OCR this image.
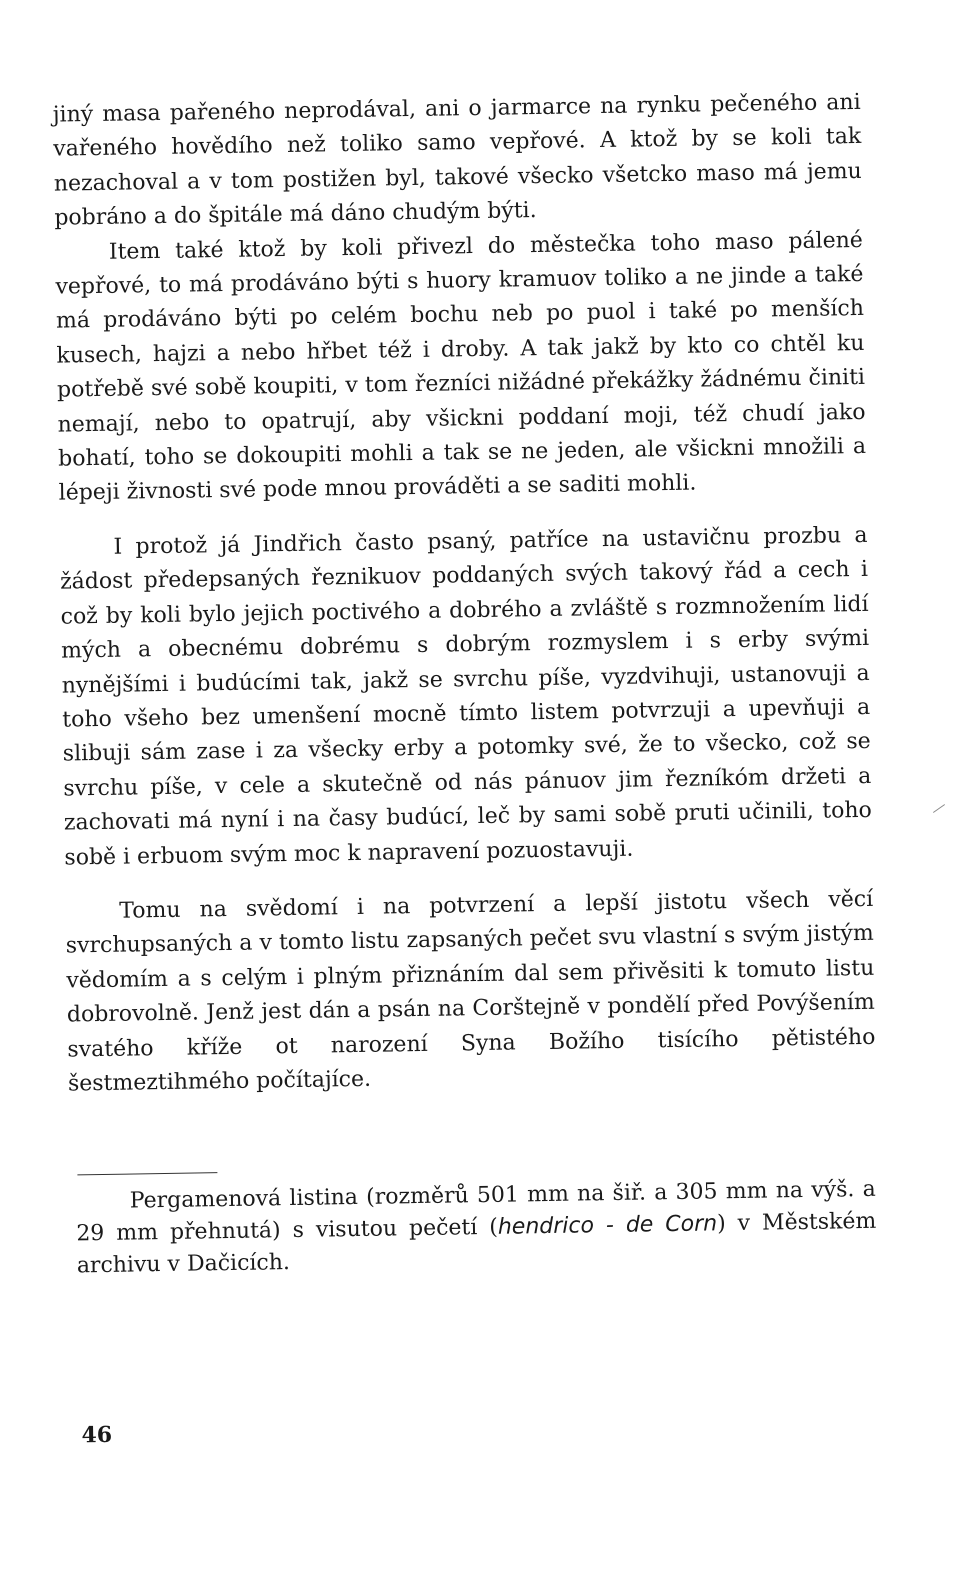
jiný masa pařeného neprodával, ani o jarmarce na rynku pečeného ani vařeného hovědího než toliko samo vepřové. A ktož by se koli tak nezachoval a v tom postižen byl, takové všecko všetcko maso má jemu pobráno a do špitále má dáno chudým býti.

Item také ktož by koli přivezl do městečka toho maso pálené vepřové, to má prodáváno býti s huory kramuov toliko a ne jinde a také má prodáváno býti po celém bochu neb po puol i také po menších kusech, hajzi a nebo hřbet též i droby. A tak jakž by kto co chtěl ku potřebě své sobě koupiti, v tom řezníci nižádné překážky žádnému činiti nemají, nebo to opatrují, aby všickni poddaní moji, též chudí jako bohatí, toho se dokoupiti mohli a tak se ne jeden, ale všickni množili a lépeji živnosti své pode mnou prováděti a se saditi mohli.

I protož já Jindřich často psaný, patříce na ustavičnu prozbu a žádost předepsaných řeznikuov poddaných svých takový řád a cech i což by koli bylo jejich poctivého a dobrého a zvláště s rozmnožením lidí mých a obecnému dobrému s dobrým rozmyslem i s erby svými nynějšími i budúcími tak, jakž se svrchu píše, vyzdvihuji, ustanovuji a toho všeho bez umenšení mocně tímto listem potvrzuji a upevňuji a slibuji sám zase i za všecky erby a potomky své, že to všecko, což se svrchu píše, v cele a skutečně od nás pánuov jim řezníkóm držeti a zachovati má nyní i na časy budúcí, leč by sami sobě pruti učinili, toho sobě i erbuom svým moc k napravení pozuostavuji.

Tomu na svědomí i na potvrzení a lepší jistotu všech věcí svrchupsaných a v tomto listu zapsaných pečet svu vlastní s svým jistým vědomím a s celým i plným přiznáním dal sem přivěsiti k tomuto listu dobrovolně. Jenž jest dán a psán na Corštejně v pondělí před Povýšením svatého kříže ot narození Syna Božího tisícího pětistého šestmeztihmého počítajíce.

Pergamenová listina (rozměrů 501 mm na šiř. a 305 mm na výš. a 29 mm přehnutá) s visutou pečetí (hendrico - de Corn) v Městském archivu v Dačicích.
46
